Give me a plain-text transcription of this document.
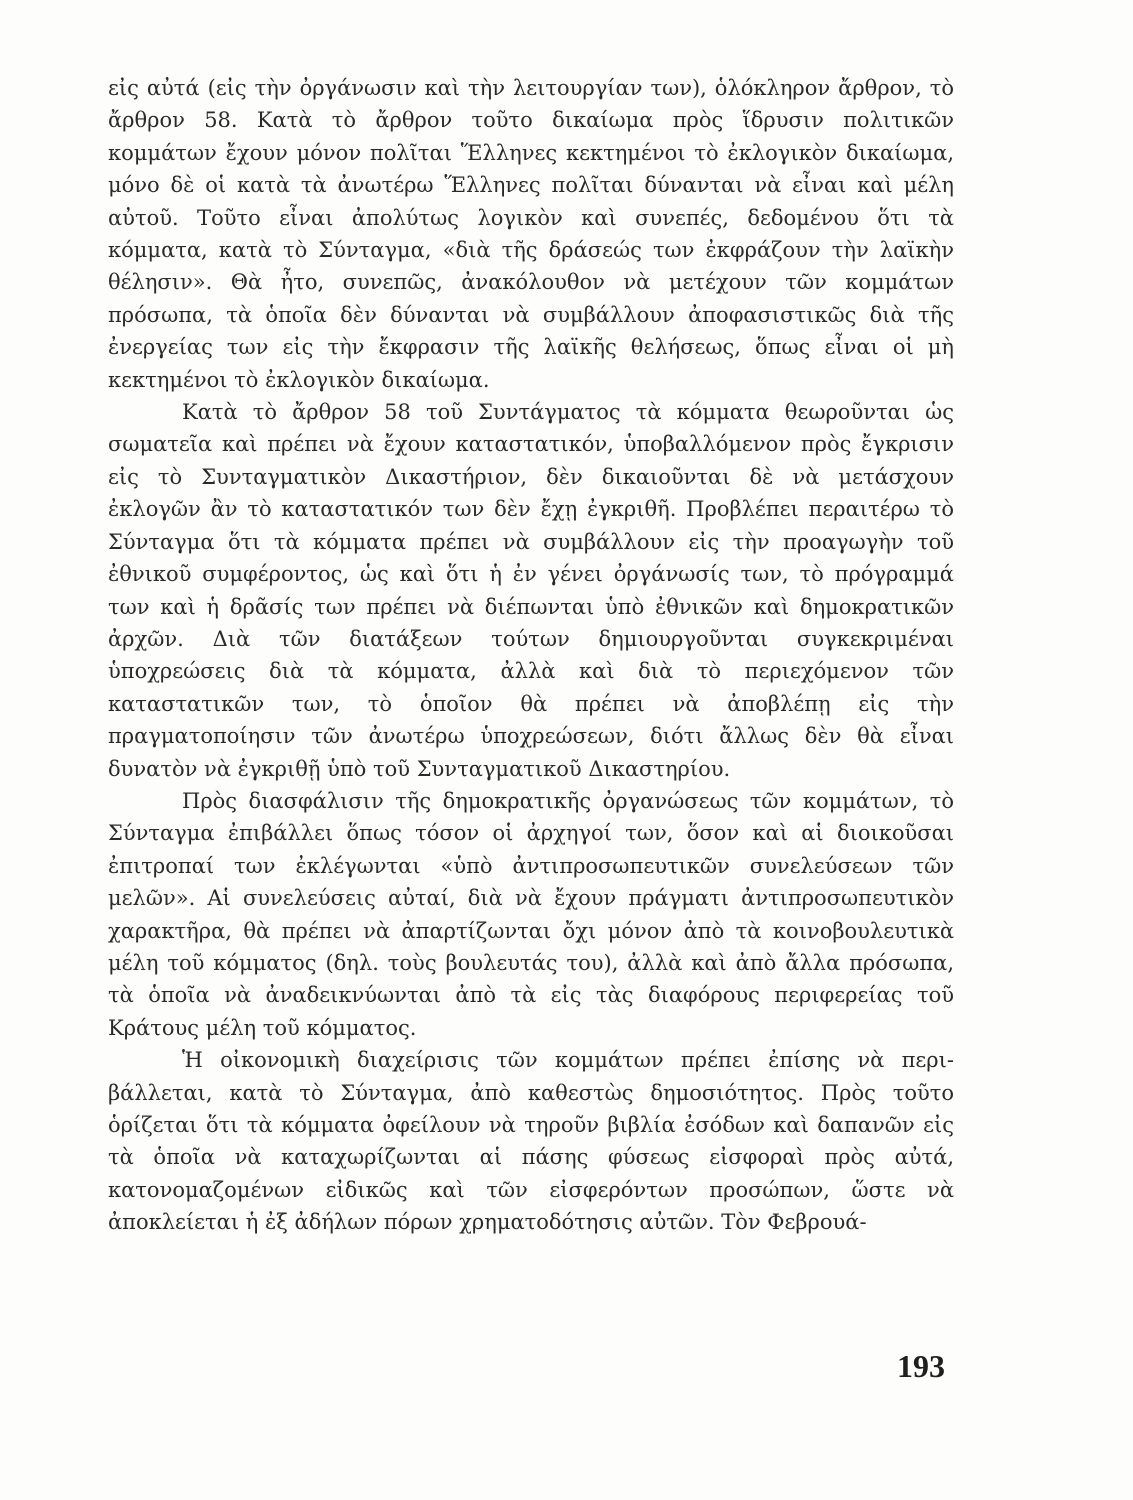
εἰς αὐτά (εἰς τὴν ὀργάνωσιν καὶ τὴν λειτουργίαν των), ὁλόκληρον ἄρθρον, τὸ ἄρθρον 58. Κατὰ τὸ ἄρθρον τοῦτο δικαίωμα πρὸς ἵδρυσιν πολιτικῶν κομμάτων ἔχουν μόνον πολῖται Ἕλληνες κεκτημένοι τὸ ἐκλογικὸν δικαίωμα, μόνο δὲ οἱ κατὰ τὰ ἀνωτέρω Ἕλληνες πολῖται δύνανται νὰ εἶναι καὶ μέλη αὐτοῦ. Τοῦτο εἶναι ἀπολύτως λογικὸν καὶ συνεπές, δεδομένου ὅτι τὰ κόμματα, κατὰ τὸ Σύνταγμα, «διὰ τῆς δράσεώς των ἐκφράζουν τὴν λαϊκὴν θέλησιν». Θὰ ἦτο, συνεπῶς, ἀνακόλουθον νὰ μετέχουν τῶν κομμάτων πρόσωπα, τὰ ὁποῖα δὲν δύνανται νὰ συμβάλλουν ἀποφασιστικῶς διὰ τῆς ἐνεργείας των εἰς τὴν ἔκφρασιν τῆς λαϊκῆς θελήσεως, ὅπως εἶναι οἱ μὴ κεκτημένοι τὸ ἐκλογικὸν δικαίωμα.

Κατὰ τὸ ἄρθρον 58 τοῦ Συντάγματος τὰ κόμματα θεωροῦνται ὡς σωματεῖα καὶ πρέπει νὰ ἔχουν καταστατικόν, ὑποβαλλόμενον πρὸς ἔγκρισιν εἰς τὸ Συνταγματικὸν Δικαστήριον, δὲν δικαιοῦνται δὲ νὰ μετάσχουν ἐκλογῶν ἂν τὸ καταστατικόν των δὲν ἔχῃ ἐγκριθῆ. Προβλέπει περαιτέρω τὸ Σύνταγμα ὅτι τὰ κόμματα πρέπει νὰ συμβάλλουν εἰς τὴν προαγωγὴν τοῦ ἐθνικοῦ συμφέροντος, ὡς καὶ ὅτι ἡ ἐν γένει ὀργάνωσίς των, τὸ πρόγραμμά των καὶ ἡ δρᾶσίς των πρέπει νὰ διέπωνται ὑπὸ ἐθνικῶν καὶ δημοκρατικῶν ἀρχῶν. Διὰ τῶν διατάξεων τούτων δημιουργοῦνται συγκεκριμέναι ὑποχρεώσεις διὰ τὰ κόμματα, ἀλλὰ καὶ διὰ τὸ περιεχόμενον τῶν καταστατικῶν των, τὸ ὁποῖον θὰ πρέπει νὰ ἀποβλέπῃ εἰς τὴν πραγματοποίησιν τῶν ἀνωτέρω ὑποχρεώσεων, διότι ἄλλως δὲν θὰ εἶναι δυνατὸν νὰ ἐγκριθῇ ὑπὸ τοῦ Συνταγματικοῦ Δικαστηρίου.

Πρὸς διασφάλισιν τῆς δημοκρατικῆς ὀργανώσεως τῶν κομμάτων, τὸ Σύνταγμα ἐπιβάλλει ὅπως τόσον οἱ ἀρχηγοί των, ὅσον καὶ αἱ διοικοῦσαι ἐπιτροπαί των ἐκλέγωνται «ὑπὸ ἀντιπροσωπευτικῶν συνελεύσεων τῶν μελῶν». Αἱ συνελεύσεις αὐταί, διὰ νὰ ἔχουν πράγματι ἀντιπροσωπευτικὸν χαρακτῆρα, θὰ πρέπει νὰ ἀπαρτίζωνται ὄχι μόνον ἀπὸ τὰ κοινοβουλευτικὰ μέλη τοῦ κόμματος (δηλ. τοὺς βουλευτάς του), ἀλλὰ καὶ ἀπὸ ἄλλα πρόσωπα, τὰ ὁποῖα νὰ ἀναδεικνύωνται ἀπὸ τὰ εἰς τὰς διαφόρους περιφερείας τοῦ Κράτους μέλη τοῦ κόμματος.

Ἡ οἰκονομικὴ διαχείρισις τῶν κομμάτων πρέπει ἐπίσης νὰ περιβάλλεται, κατὰ τὸ Σύνταγμα, ἀπὸ καθεστὼς δημοσιότητος. Πρὸς τοῦτο ὁρίζεται ὅτι τὰ κόμματα ὀφείλουν νὰ τηροῦν βιβλία ἐσόδων καὶ δαπανῶν εἰς τὰ ὁποῖα νὰ καταχωρίζωνται αἱ πάσης φύσεως εἰσφοραὶ πρὸς αὐτά, κατονομαζομένων εἰδικῶς καὶ τῶν εἰσφερόντων προσώπων, ὥστε νὰ ἀποκλείεται ἡ ἐξ ἀδήλων πόρων χρηματοδότησις αὐτῶν. Τὸν Φεβρουά-

193
